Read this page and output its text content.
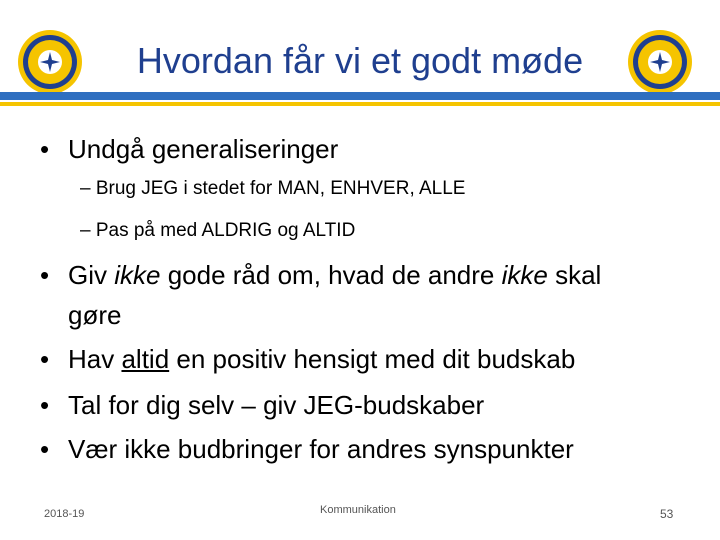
Hvordan får vi et godt møde
• Undgå generaliseringer
– Brug JEG i stedet for MAN, ENHVER, ALLE
– Pas på med ALDRIG og ALTID
• Giv ikke gode råd om, hvad de andre ikke skal
gøre
• Hav altid en positiv hensigt med dit budskab
• Tal for dig selv – giv JEG-budskaber
• Vær ikke budbringer for andres synspunkter
2018-19	Kommunikation	53
